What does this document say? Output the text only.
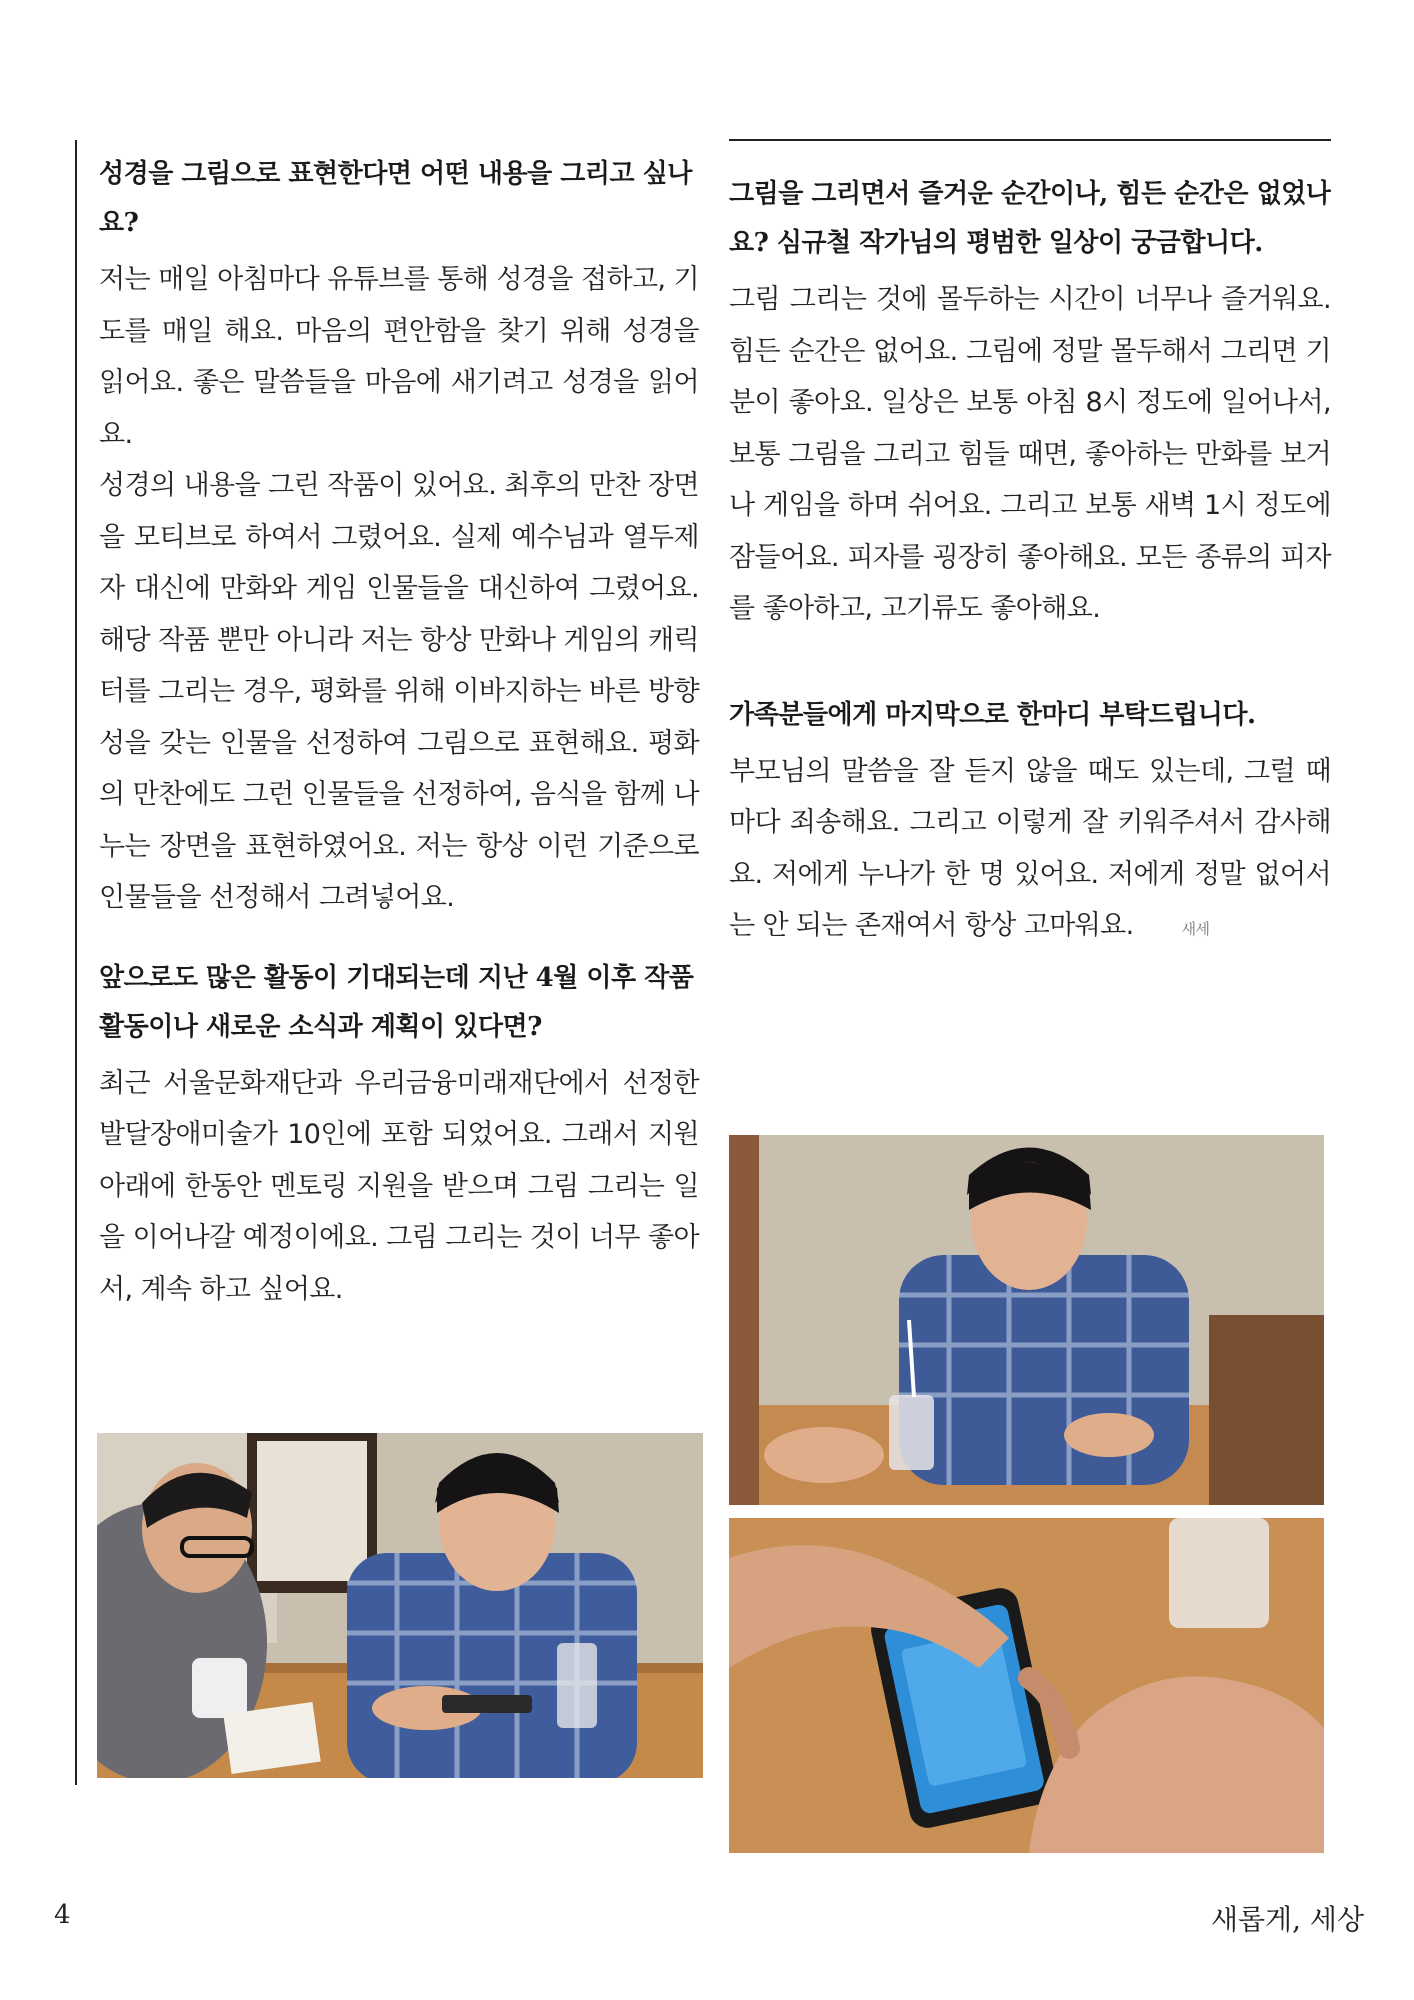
성경을 그림으로 표현한다면 어떤 내용을 그리고 싶나요?

저는 매일 아침마다 유튜브를 통해 성경을 접하고, 기도를 매일 해요. 마음의 편안함을 찾기 위해 성경을 읽어요. 좋은 말씀들을 마음에 새기려고 성경을 읽어요.

성경의 내용을 그린 작품이 있어요. 최후의 만찬 장면을 모티브로 하여서 그렸어요. 실제 예수님과 열두제자 대신에 만화와 게임 인물들을 대신하여 그렸어요. 해당 작품 뿐만 아니라 저는 항상 만화나 게임의 캐릭터를 그리는 경우, 평화를 위해 이바지하는 바른 방향성을 갖는 인물을 선정하여 그림으로 표현해요. 평화의 만찬에도 그런 인물들을 선정하여, 음식을 함께 나누는 장면을 표현하였어요. 저는 항상 이런 기준으로 인물들을 선정해서 그려넣어요.

앞으로도 많은 활동이 기대되는데 지난 4월 이후 작품활동이나 새로운 소식과 계획이 있다면?

최근 서울문화재단과 우리금융미래재단에서 선정한 발달장애미술가 10인에 포함 되었어요. 그래서 지원 아래에 한동안 멘토링 지원을 받으며 그림 그리는 일을 이어나갈 예정이에요. 그림 그리는 것이 너무 좋아서, 계속 하고 싶어요.

그림을 그리면서 즐거운 순간이나, 힘든 순간은 없었나요? 심규철 작가님의 평범한 일상이 궁금합니다.

그림 그리는 것에 몰두하는 시간이 너무나 즐거워요. 힘든 순간은 없어요. 그림에 정말 몰두해서 그리면 기분이 좋아요. 일상은 보통 아침 8시 정도에 일어나서, 보통 그림을 그리고 힘들 때면, 좋아하는 만화를 보거나 게임을 하며 쉬어요. 그리고 보통 새벽 1시 정도에 잠들어요. 피자를 굉장히 좋아해요. 모든 종류의 피자를 좋아하고, 고기류도 좋아해요.

가족분들에게 마지막으로 한마디 부탁드립니다.

부모님의 말씀을 잘 듣지 않을 때도 있는데, 그럴 때마다 죄송해요. 그리고 이렇게 잘 키워주셔서 감사해요. 저에게 누나가 한 명 있어요. 저에게 정말 없어서는 안 되는 존재여서 항상 고마워요.	새세

4	새롭게, 세상
